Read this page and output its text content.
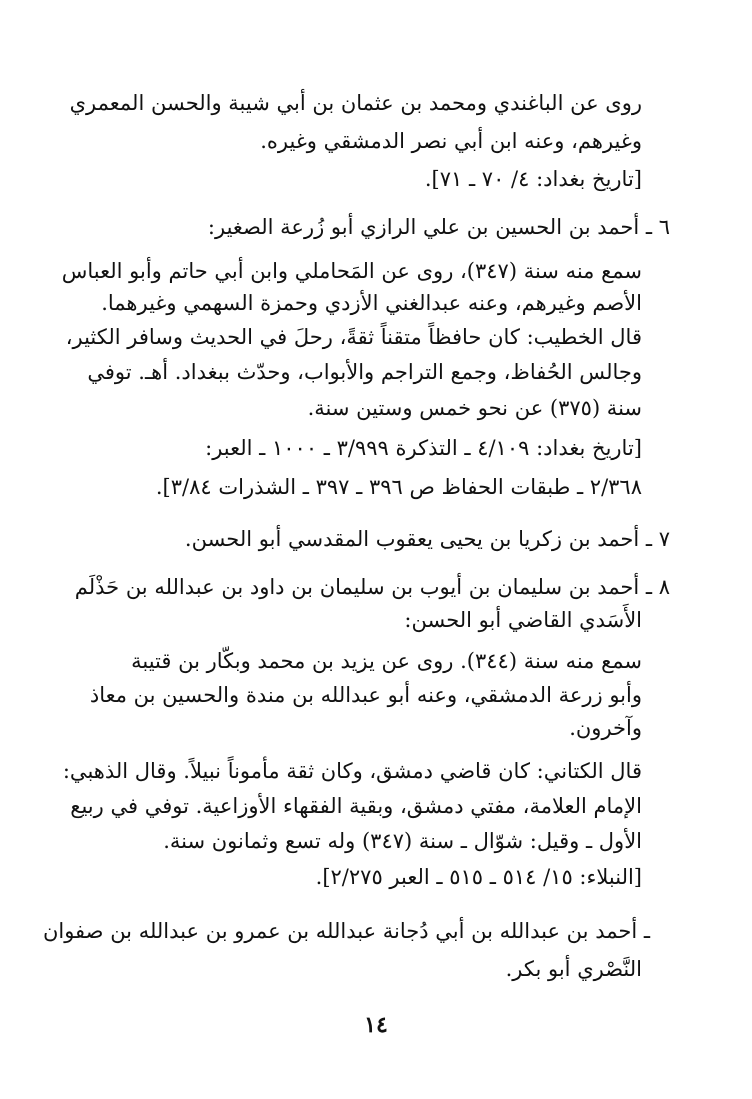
روى عن الباغندي ومحمد بن عثمان بن أبي شيبة والحسن المعمري
وغيرهم، وعنه ابن أبي نصر الدمشقي وغيره.
[تاريخ بغداد: ٤/ ٧٠ ـ ٧١].
٦ ـ أحمد بن الحسين بن علي الرازي أبو زُرعة الصغير:
سمع منه سنة (٣٤٧)، روى عن المَحاملي وابن أبي حاتم وأبو العباس
الأصم وغيرهم، وعنه عبدالغني الأزدي وحمزة السهمي وغيرهما.
قال الخطيب: كان حافظاً متقناً ثقةً، رحلَ في الحديث وسافر الكثير،
وجالس الحُفاظ، وجمع التراجم والأبواب، وحدّث ببغداد. أهـ. توفي
سنة (٣٧٥) عن نحو خمس وستين سنة.
[تاريخ بغداد: ٤/١٠٩ ـ التذكرة ٣/٩٩٩ ـ ١٠٠٠ ـ العبر:
٢/٣٦٨ ـ طبقات الحفاظ ص ٣٩٦ ـ ٣٩٧ ـ الشذرات ٣/٨٤].
٧ ـ أحمد بن زكريا بن يحيى يعقوب المقدسي أبو الحسن.
٨ ـ أحمد بن سليمان بن أيوب بن سليمان بن داود بن عبدالله بن حَذْلَم
الأَسَدي القاضي أبو الحسن:
سمع منه سنة (٣٤٤). روى عن يزيد بن محمد وبكّار بن قتيبة
وأبو زرعة الدمشقي، وعنه أبو عبدالله بن مندة والحسين بن معاذ
وآخرون.
قال الكتاني: كان قاضي دمشق، وكان ثقة مأموناً نبيلاً. وقال الذهبي:
الإمام العلامة، مفتي دمشق، وبقية الفقهاء الأوزاعية. توفي في ربيع
الأول ـ وقيل: شوّال ـ سنة (٣٤٧) وله تسع وثمانون سنة.
[النبلاء: ١٥/ ٥١٤ ـ ٥١٥ ـ العبر ٢/٢٧٥].
ـ أحمد بن عبدالله بن أبي دُجانة عبدالله بن عمرو بن عبدالله بن صفوان
النَّصْري أبو بكر.
١٤
